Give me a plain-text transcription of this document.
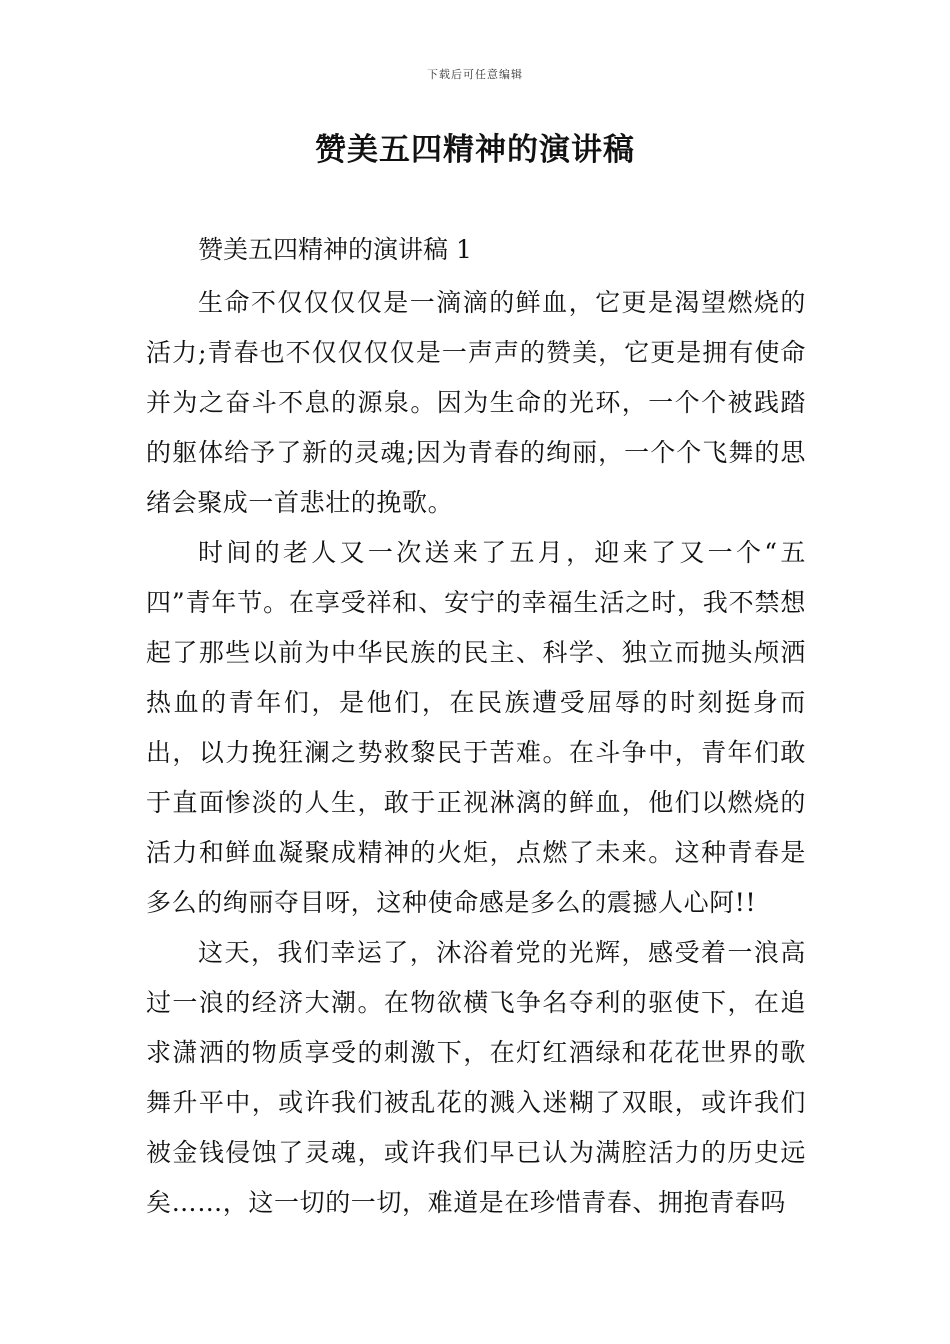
下载后可任意编辑
赞美五四精神的演讲稿

赞美五四精神的演讲稿 1

生命不仅仅仅仅是一滴滴的鲜血，它更是渴望燃烧的活力;青春也不仅仅仅仅是一声声的赞美，它更是拥有使命并为之奋斗不息的源泉。因为生命的光环，一个个被践踏的躯体给予了新的灵魂;因为青春的绚丽，一个个飞舞的思绪会聚成一首悲壮的挽歌。

时间的老人又一次送来了五月，迎来了又一个“五四”青年节。在享受祥和、安宁的幸福生活之时，我不禁想起了那些以前为中华民族的民主、科学、独立而抛头颅洒热血的青年们，是他们，在民族遭受屈辱的时刻挺身而出，以力挽狂澜之势救黎民于苦难。在斗争中，青年们敢于直面惨淡的人生，敢于正视淋漓的鲜血，他们以燃烧的活力和鲜血凝聚成精神的火炬，点燃了未来。这种青春是多么的绚丽夺目呀，这种使命感是多么的震撼人心阿!!

这天，我们幸运了，沐浴着党的光辉，感受着一浪高过一浪的经济大潮。在物欲横飞争名夺利的驱使下，在追求潇洒的物质享受的刺激下，在灯红酒绿和花花世界的歌舞升平中，或许我们被乱花的溅入迷糊了双眼，或许我们被金钱侵蚀了灵魂，或许我们早已认为满腔活力的历史远矣……，这一切的一切，难道是在珍惜青春、拥抱青春吗
